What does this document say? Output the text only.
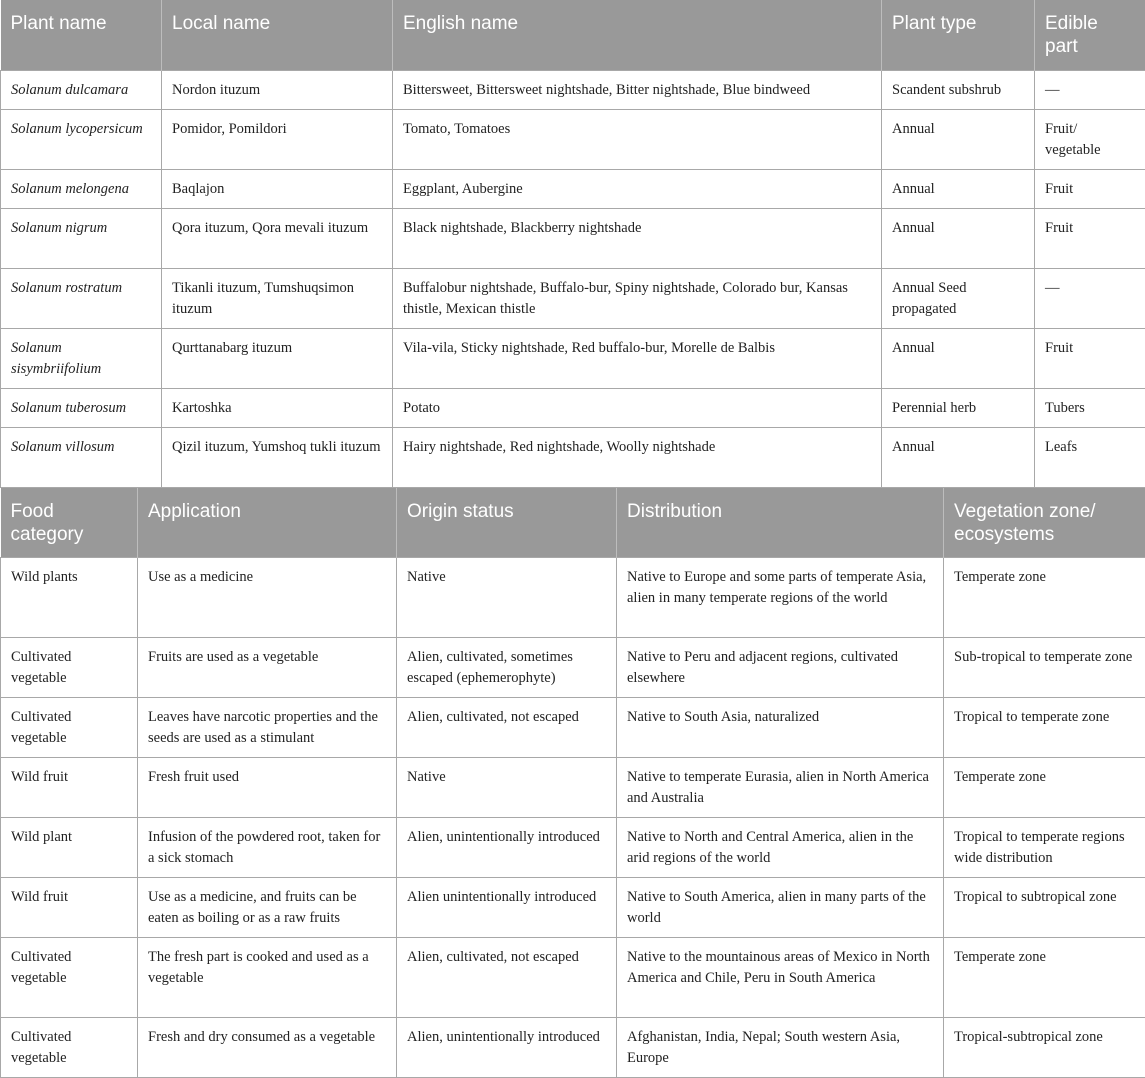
Plant name	Local name	English name	Plant type	Edible part
Solanum dulcamara	Nordon ituzum	Bittersweet, Bittersweet nightshade, Bitter nightshade, Blue bindweed	Scandent subshrub	—
Solanum lycopersicum	Pomidor, Pomildori	Tomato, Tomatoes	Annual	Fruit/ vegetable
Solanum melongena	Baqlajon	Eggplant, Aubergine	Annual	Fruit
Solanum nigrum	Qora ituzum, Qora mevali ituzum	Black nightshade, Blackberry nightshade	Annual	Fruit
Solanum rostratum	Tikanli ituzum, Tumshuqsimon ituzum	Buffalobur nightshade, Buffalo-bur, Spiny nightshade, Colorado bur, Kansas thistle, Mexican thistle	Annual Seed propagated	—
Solanum sisymbriifolium	Qurttanabarg ituzum	Vila-vila, Sticky nightshade, Red buffalo-bur, Morelle de Balbis	Annual	Fruit
Solanum tuberosum	Kartoshka	Potato	Perennial herb	Tubers
Solanum villosum	Qizil ituzum, Yumshoq tukli ituzum	Hairy nightshade, Red nightshade, Woolly nightshade	Annual	Leafs
Food category	Application	Origin status	Distribution	Vegetation zone/ ecosystems
Wild plants	Use as a medicine	Native	Native to Europe and some parts of temperate Asia, alien in many temperate regions of the world	Temperate zone
Cultivated vegetable	Fruits are used as a vegetable	Alien, cultivated, sometimes escaped (ephemerophyte)	Native to Peru and adjacent regions, cultivated elsewhere	Sub-tropical to temperate zone
Cultivated vegetable	Leaves have narcotic properties and the seeds are used as a stimulant	Alien, cultivated, not escaped	Native to South Asia, naturalized	Tropical to temperate zone
Wild fruit	Fresh fruit used	Native	Native to temperate Eurasia, alien in North America and Australia	Temperate zone
Wild plant	Infusion of the powdered root, taken for a sick stomach	Alien, unintentionally introduced	Native to North and Central America, alien in the arid regions of the world	Tropical to temperate regions wide distribution
Wild fruit	Use as a medicine, and fruits can be eaten as boiling or as a raw fruits	Alien unintentionally introduced	Native to South America, alien in many parts of the world	Tropical to subtropical zone
Cultivated vegetable	The fresh part is cooked and used as a vegetable	Alien, cultivated, not escaped	Native to the mountainous areas of Mexico in North America and Chile, Peru in South America	Temperate zone
Cultivated vegetable	Fresh and dry consumed as a vegetable	Alien, unintentionally introduced	Afghanistan, India, Nepal; South western Asia, Europe	Tropical-subtropical zone
